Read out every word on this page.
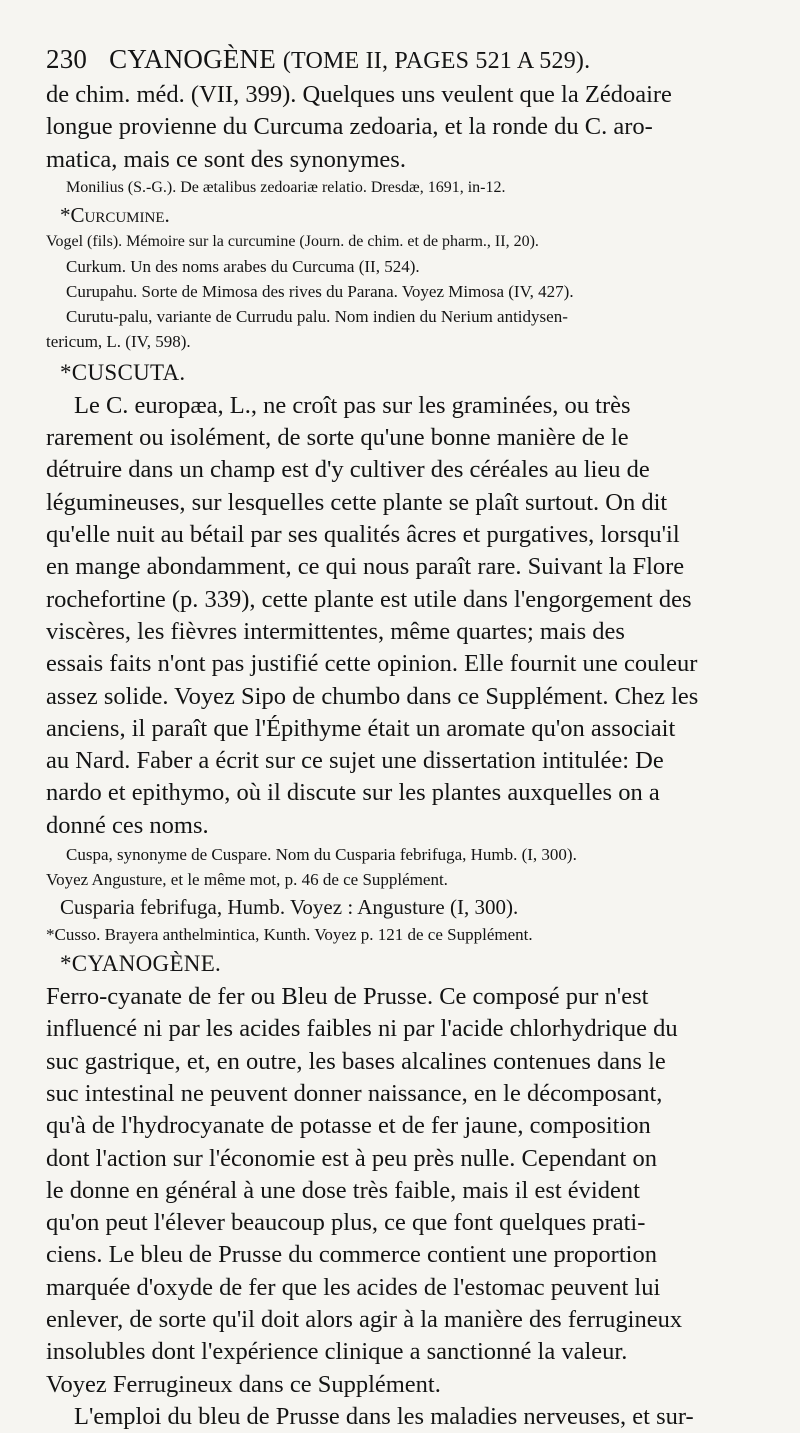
230 CYANOGÈNE (TOME II, PAGES 521 A 529).

de chim. méd. (VII, 399). Quelques uns veulent que la Zédoaire

longue provienne du Curcuma zedoaria, et la ronde du C. aro-

matica, mais ce sont des synonymes.

Monilius (S.-G.). De ætalibus zedoariæ relatio. Dresdæ, 1691, in-12.

*Curcumine.

Vogel (fils). Mémoire sur la curcumine (Journ. de chim. et de pharm., II, 20).

Curkum. Un des noms arabes du Curcuma (II, 524).

Curupahu. Sorte de Mimosa des rives du Parana. Voyez Mimosa (IV, 427).

Curutu-palu, variante de Currudu palu. Nom indien du Nerium antidysen-

tericum, L. (IV, 598).

*CUSCUTA.

Le C. europæa, L., ne croît pas sur les graminées, ou très

rarement ou isolément, de sorte qu'une bonne manière de le

détruire dans un champ est d'y cultiver des céréales au lieu de

légumineuses, sur lesquelles cette plante se plaît surtout. On dit

qu'elle nuit au bétail par ses qualités âcres et purgatives, lorsqu'il

en mange abondamment, ce qui nous paraît rare. Suivant la Flore

rochefortine (p. 339), cette plante est utile dans l'engorgement des

viscères, les fièvres intermittentes, même quartes; mais des

essais faits n'ont pas justifié cette opinion. Elle fournit une couleur

assez solide. Voyez Sipo de chumbo dans ce Supplément. Chez les

anciens, il paraît que l'Épithyme était un aromate qu'on associait

au Nard. Faber a écrit sur ce sujet une dissertation intitulée: De

nardo et epithymo, où il discute sur les plantes auxquelles on a

donné ces noms.

Cuspa, synonyme de Cuspare. Nom du Cusparia febrifuga, Humb. (I, 300).

Voyez Angusture, et le même mot, p. 46 de ce Supplément.

Cusparia febrifuga, Humb. Voyez : Angusture (I, 300).

*Cusso. Brayera anthelmintica, Kunth. Voyez p. 121 de ce Supplément.

*CYANOGÈNE.

Ferro-cyanate de fer ou Bleu de Prusse. Ce composé pur n'est

influencé ni par les acides faibles ni par l'acide chlorhydrique du

suc gastrique, et, en outre, les bases alcalines contenues dans le

suc intestinal ne peuvent donner naissance, en le décomposant,

qu'à de l'hydrocyanate de potasse et de fer jaune, composition

dont l'action sur l'économie est à peu près nulle. Cependant on

le donne en général à une dose très faible, mais il est évident

qu'on peut l'élever beaucoup plus, ce que font quelques prati-

ciens. Le bleu de Prusse du commerce contient une proportion

marquée d'oxyde de fer que les acides de l'estomac peuvent lui

enlever, de sorte qu'il doit alors agir à la manière des ferrugineux

insolubles dont l'expérience clinique a sanctionné la valeur.

Voyez Ferrugineux dans ce Supplément.

L'emploi du bleu de Prusse dans les maladies nerveuses, et sur-
